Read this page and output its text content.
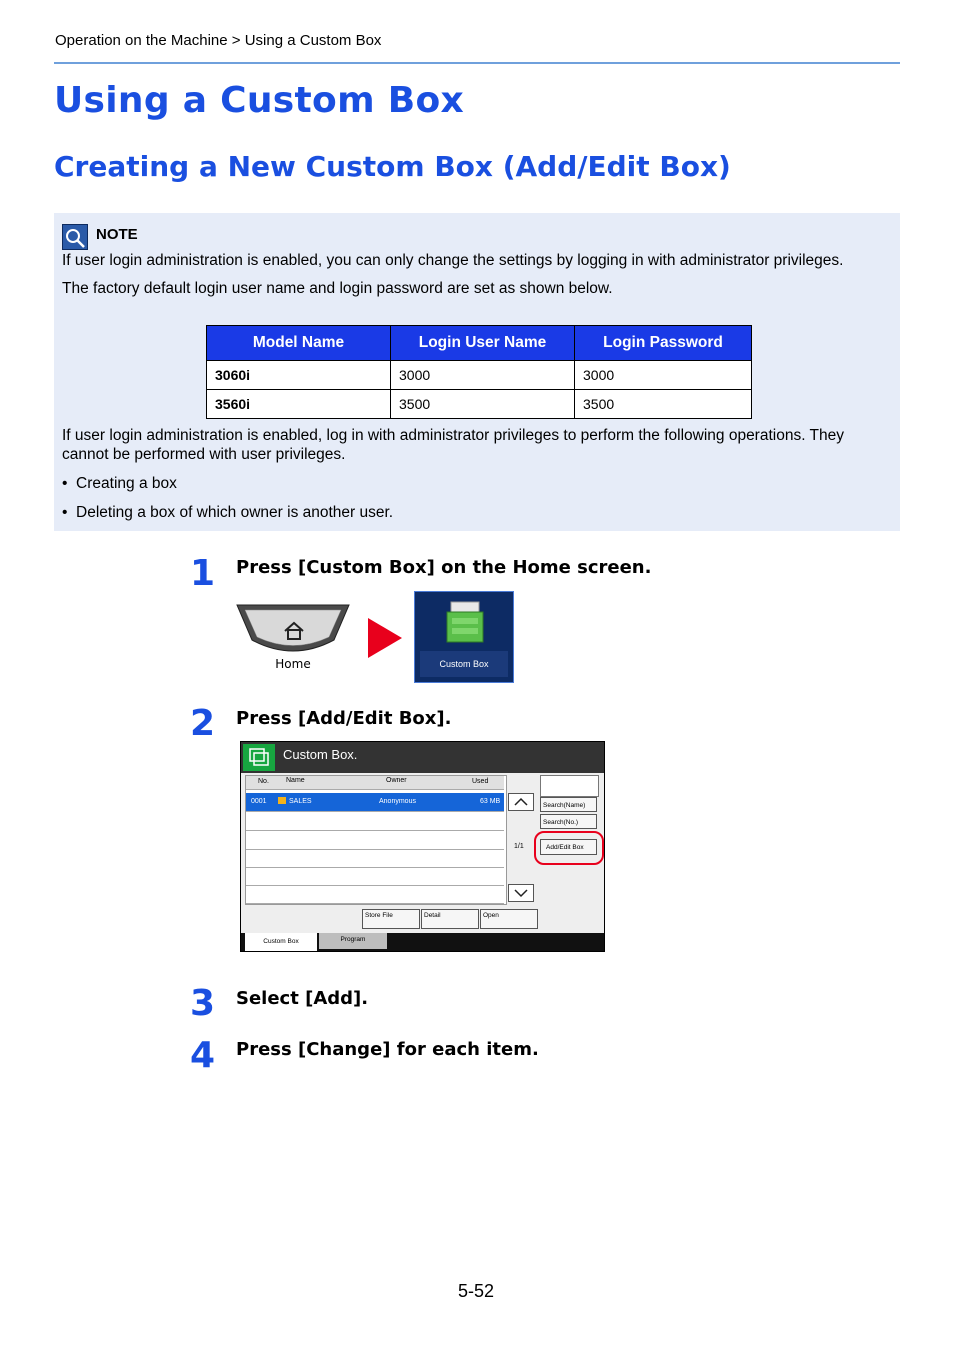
Operation on the Machine > Using a Custom Box
Using a Custom Box
Creating a New Custom Box (Add/Edit Box)
NOTE
If user login administration is enabled, you can only change the settings by logging in with administrator privileges.
The factory default login user name and login password are set as shown below.
Model Name	Login User Name	Login Password
3060i	3000	3000
3560i	3500	3500
If user login administration is enabled, log in with administrator privileges to perform the following operations. They cannot be performed with user privileges.
•  Creating a box
•  Deleting a box of which owner is another user.
1 Press [Custom Box] on the Home screen.
Home	Custom Box
2 Press [Add/Edit Box].
Custom Box.
No. Name	Owner	Used
0001	SALES	Anonymous	63 MB
1/1
Search(Name)
Search(No.)
Add/Edit Box
Store File	Detail	Open
Custom Box	Program
3 Select [Add].
4 Press [Change] for each item.
5-52
